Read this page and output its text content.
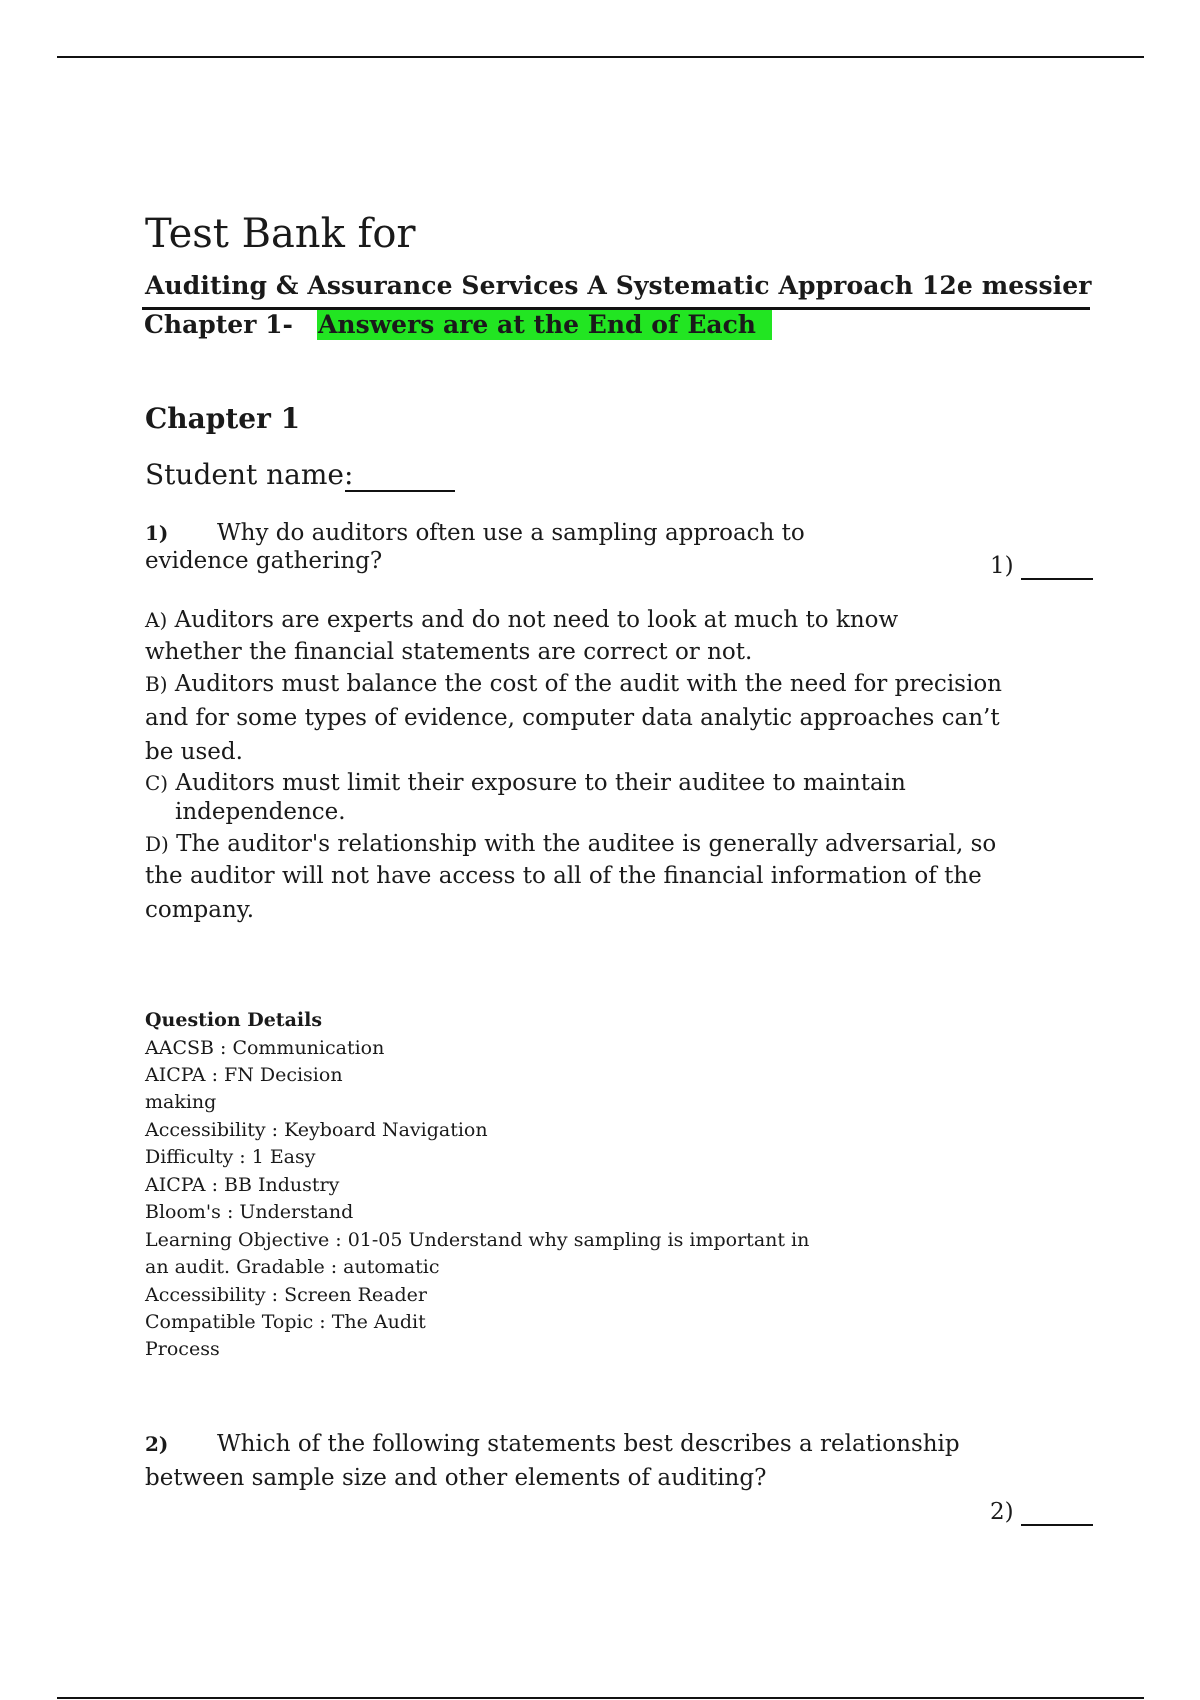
Test Bank for
Auditing & Assurance Services A Systematic Approach 12e messier
Chapter 1- Answers are at the End of Each
Chapter 1
Student name:
1) Why do auditors often use a sampling approach to
evidence gathering?	1)
A) Auditors are experts and do not need to look at much to know
whether the financial statements are correct or not.
B) Auditors must balance the cost of the audit with the need for precision
and for some types of evidence, computer data analytic approaches can’t
be used.
C) Auditors must limit their exposure to their auditee to maintain
independence.
D) The auditor's relationship with the auditee is generally adversarial, so
the auditor will not have access to all of the financial information of the
company.
Question Details
AACSB : Communication
AICPA : FN Decision
making
Accessibility : Keyboard Navigation
Difficulty : 1 Easy
AICPA : BB Industry
Bloom's : Understand
Learning Objective : 01-05 Understand why sampling is important in
an audit. Gradable : automatic
Accessibility : Screen Reader
Compatible Topic : The Audit
Process
2) Which of the following statements best describes a relationship
between sample size and other elements of auditing?
2)
